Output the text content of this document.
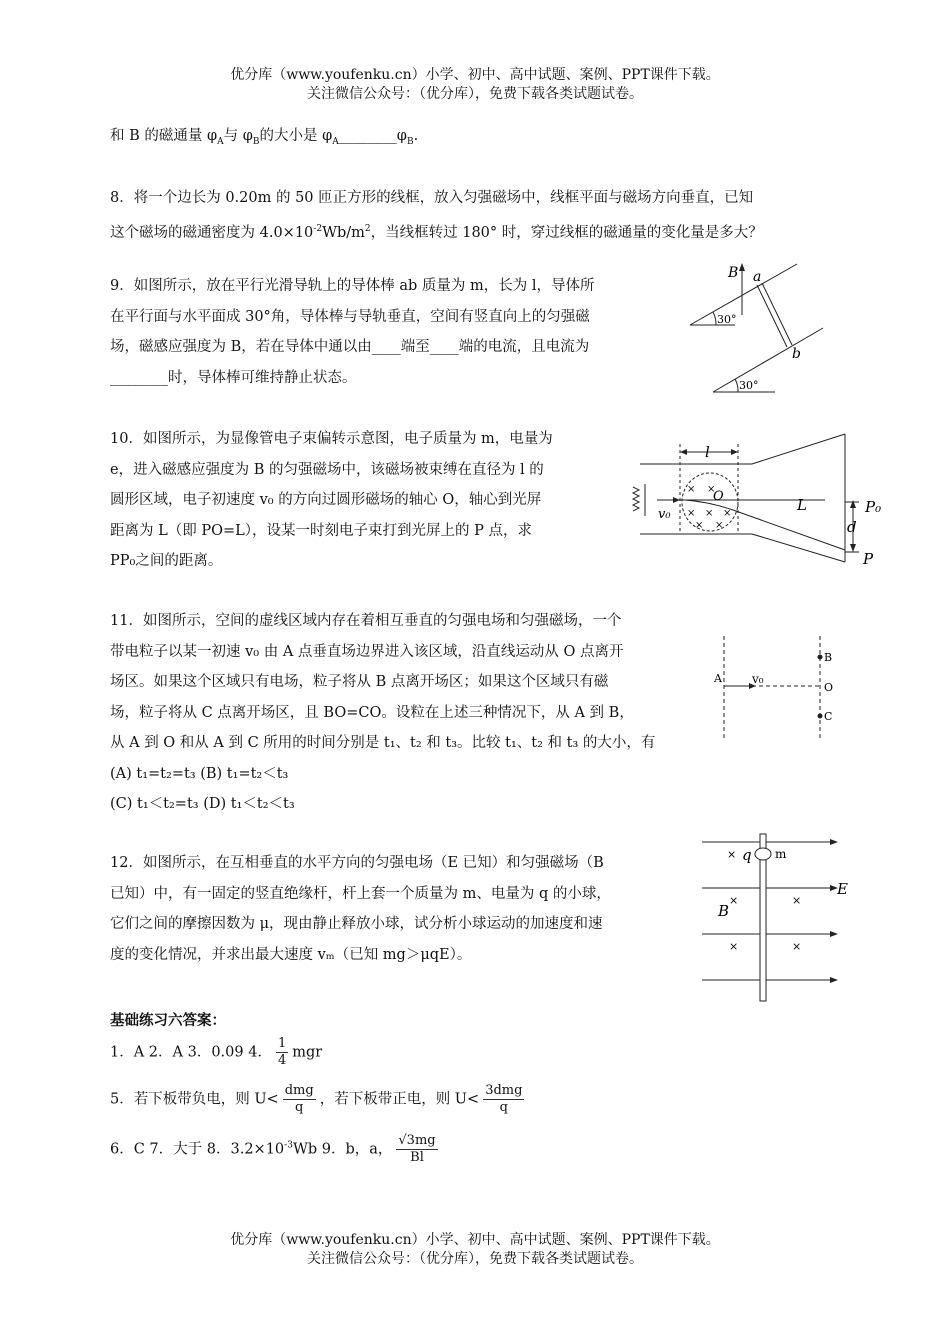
优分库（www.youfenku.cn）小学、初中、高中试题、案例、PPT课件下载。
关注微信公众号：（优分库），免费下载各类试题试卷。
和 B 的磁通量 $\varphi_A$与 $\varphi_B$的大小是 $\varphi_A\_\_\_\_\_\_\_\_\varphi_B$.
8．将一个边长为 0.20m 的 50 匝正方形的线框，放入匀强磁场中，线框平面与磁场方向垂直，已知
这个磁场的磁通密度为 $4.0\times 10^{-2}Wb/m^2$，当线框转过 180° 时，穿过线框的磁通量的变化量是多大？
9．如图所示，放在平行光滑导轨上的导体棒 ab 质量为 m，长为 l，导体所
在平行面与水平面成 30°角，导体棒与导轨垂直，空间有竖直向上的匀强磁
场，磁感应强度为 B，若在导体中通以由____端至____端的电流，且电流为
________时，导体棒可维持静止状态。
30°
30°
B a
b
10．如图所示，为显像管电子束偏转示意图，电子质量为 m，电量为
e，进入磁感应强度为 B 的匀强磁场中，该磁场被束缚在直径为 l 的
圆形区域，电子初速度 v₀ 的方向过圆形磁场的轴心 O，轴心到光屏
距离为 L（即 PO=L），设某一时刻电子束打到光屏上的 P 点，求
PP₀之间的距离。
v₀
l
× ×
× × ×
× ×
O	L
d
P₀
P
11．如图所示，空间的虚线区域内存在着相互垂直的匀强电场和匀强磁场，一个
带电粒子以某一初速 v₀ 由 A 点垂直场边界进入该区域，沿直线运动从 O 点离开
场区。如果这个区域只有电场，粒子将从 B 点离开场区；如果这个区域只有磁
场，粒子将从 C 点离开场区，且 BO=CO。设粒在上述三种情况下，从 A 到 B，
从 A 到 O 和从 A 到 C 所用的时间分别是 t₁、t₂ 和 t₃。比较 t₁、t₂ 和 t₃ 的大小，有
(A) t₁=t₂=t₃ (B) t₁=t₂＜t₃
(C) t₁＜t₂=t₃ (D) t₁＜t₂＜t₃
A	v₀
B
O
C
12．如图所示，在互相垂直的水平方向的匀强电场（E 已知）和匀强磁场（B
已知）中，有一固定的竖直绝缘杆，杆上套一个质量为 m、电量为 q 的小球，
它们之间的摩擦因数为 μ，现由静止释放小球，试分析小球运动的加速度和速
度的变化情况，并求出最大速度 vₘ（已知 mg＞μqE）。
q m
×
×
×
×
×
B
E
基础练习六答案：
1．A 2．A 3．0.09 4． $\frac{1}{4}$ mgr
5．若下板带负电，则 $U< \frac{\text{dmg}}{q}$ ，若下板带正电，则 $U< \frac{\text{3dmg}}{q}$
6．C 7．大于 8．$3.2\times 10^{-3}Wb$ 9．b，a， $\frac{√3mg}{Bl}$
优分库（www.youfenku.cn）小学、初中、高中试题、案例、PPT课件下载。
关注微信公众号：（优分库），免费下载各类试题试卷。
